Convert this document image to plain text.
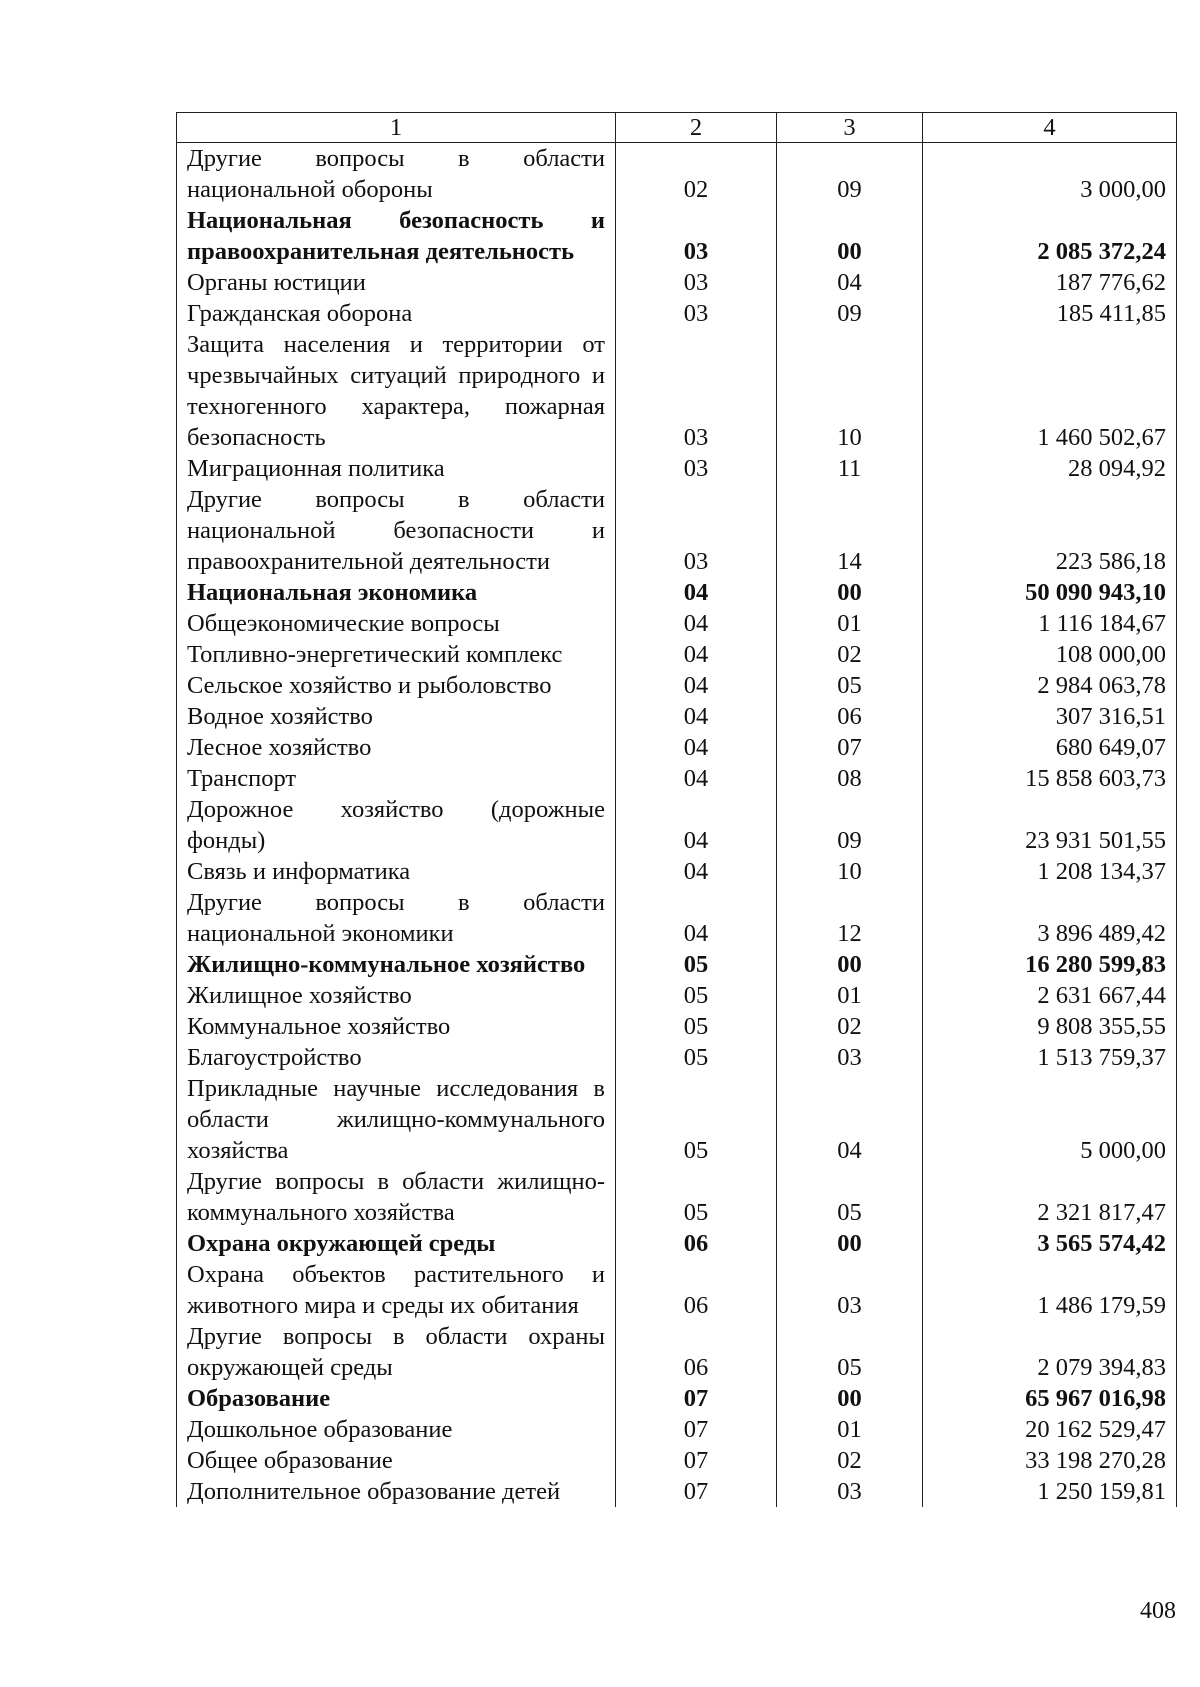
1	2	3	4
Другие вопросы в области национальной обороны	02	09	3 000,00
Национальная безопасность и правоохранительная деятельность	03	00	2 085 372,24
Органы юстиции	03	04	187 776,62
Гражданская оборона	03	09	185 411,85
Защита населения и территории от чрезвычайных ситуаций природного и техногенного характера, пожарная безопасность	03	10	1 460 502,67
Миграционная политика	03	11	28 094,92
Другие вопросы в области национальной безопасности и правоохранительной деятельности	03	14	223 586,18
Национальная экономика	04	00	50 090 943,10
Общеэкономические вопросы	04	01	1 116 184,67
Топливно-энергетический комплекс	04	02	108 000,00
Сельское хозяйство и рыболовство	04	05	2 984 063,78
Водное хозяйство	04	06	307 316,51
Лесное хозяйство	04	07	680 649,07
Транспорт	04	08	15 858 603,73
Дорожное хозяйство (дорожные фонды)	04	09	23 931 501,55
Связь и информатика	04	10	1 208 134,37
Другие вопросы в области национальной экономики	04	12	3 896 489,42
Жилищно-коммунальное хозяйство	05	00	16 280 599,83
Жилищное хозяйство	05	01	2 631 667,44
Коммунальное хозяйство	05	02	9 808 355,55
Благоустройство	05	03	1 513 759,37
Прикладные научные исследования в области жилищно-коммунального хозяйства	05	04	5 000,00
Другие вопросы в области жилищно-коммунального хозяйства	05	05	2 321 817,47
Охрана окружающей среды	06	00	3 565 574,42
Охрана объектов растительного и животного мира и среды их обитания	06	03	1 486 179,59
Другие вопросы в области охраны окружающей среды	06	05	2 079 394,83
Образование	07	00	65 967 016,98
Дошкольное образование	07	01	20 162 529,47
Общее образование	07	02	33 198 270,28
Дополнительное образование детей	07	03	1 250 159,81
408
